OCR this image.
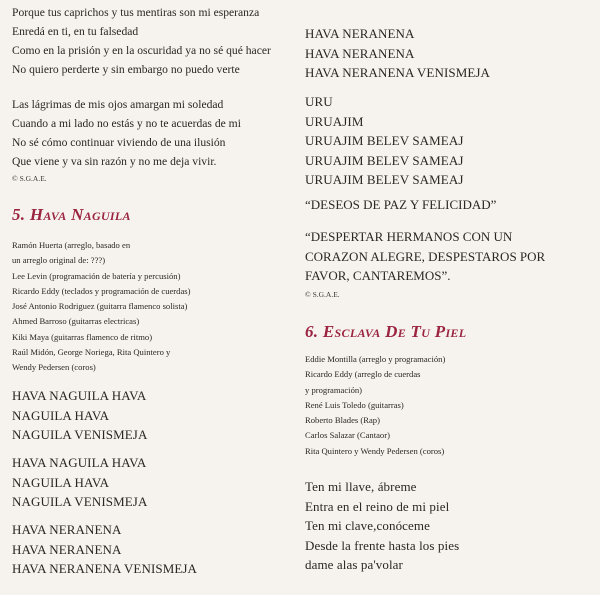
Porque tus caprichos y tus mentiras son mi esperanza
Enredá en ti, en tu falsedad
Como en la prisión y en la oscuridad ya no sé qué hacer
No quiero perderte y sin embargo no puedo verte
Las lágrimas de mis ojos amargan mi soledad
Cuando a mi lado no estás y no te acuerdas de mi
No sé cómo continuar viviendo de una ilusión
Que viene y va sin razón y no me deja vivir.
© S.G.A.E.
5. Hava Naguila
Ramón Huerta (arreglo, basado en
un arreglo original de: ???)
Lee Levin (programación de batería y percusión)
Ricardo Eddy (teclados y programación de cuerdas)
José Antonio Rodriguez (guitarra flamenco solista)
Ahmed Barroso (guitarras electricas)
Kiki Maya (guitarras flamenco de ritmo)
Raúl Midón, George Noriega, Rita Quintero y
Wendy Pedersen (coros)
HAVA NAGUILA HAVA
NAGUILA HAVA
NAGUILA VENISMEJA
HAVA NAGUILA HAVA
NAGUILA HAVA
NAGUILA VENISMEJA
HAVA NERANENA
HAVA NERANENA
HAVA NERANENA VENISMEJA
HAVA NERANENA
HAVA NERANENA
HAVA NERANENA VENISMEJA
URU
URUAJIM
URUAJIM BELEV SAMEAJ
URUAJIM BELEV SAMEAJ
URUAJIM BELEV SAMEAJ
“DESEOS DE PAZ Y FELICIDAD”
“DESPERTAR HERMANOS CON UN
CORAZON ALEGRE, DESPESTAROS POR
FAVOR, CANTAREMOS”.
© S.G.A.E.
6. Esclava De Tu Piel
Eddie Montilla (arreglo y programación)
Ricardo Eddy (arreglo de cuerdas
y programación)
René Luis Toledo (guitarras)
Roberto Blades (Rap)
Carlos Salazar (Cantaor)
Rita Quintero y Wendy Pedersen (coros)
Ten mi llave, ábreme
Entra en el reino de mi piel
Ten mi clave,conóceme
Desde la frente hasta los pies
dame alas pa'volar
